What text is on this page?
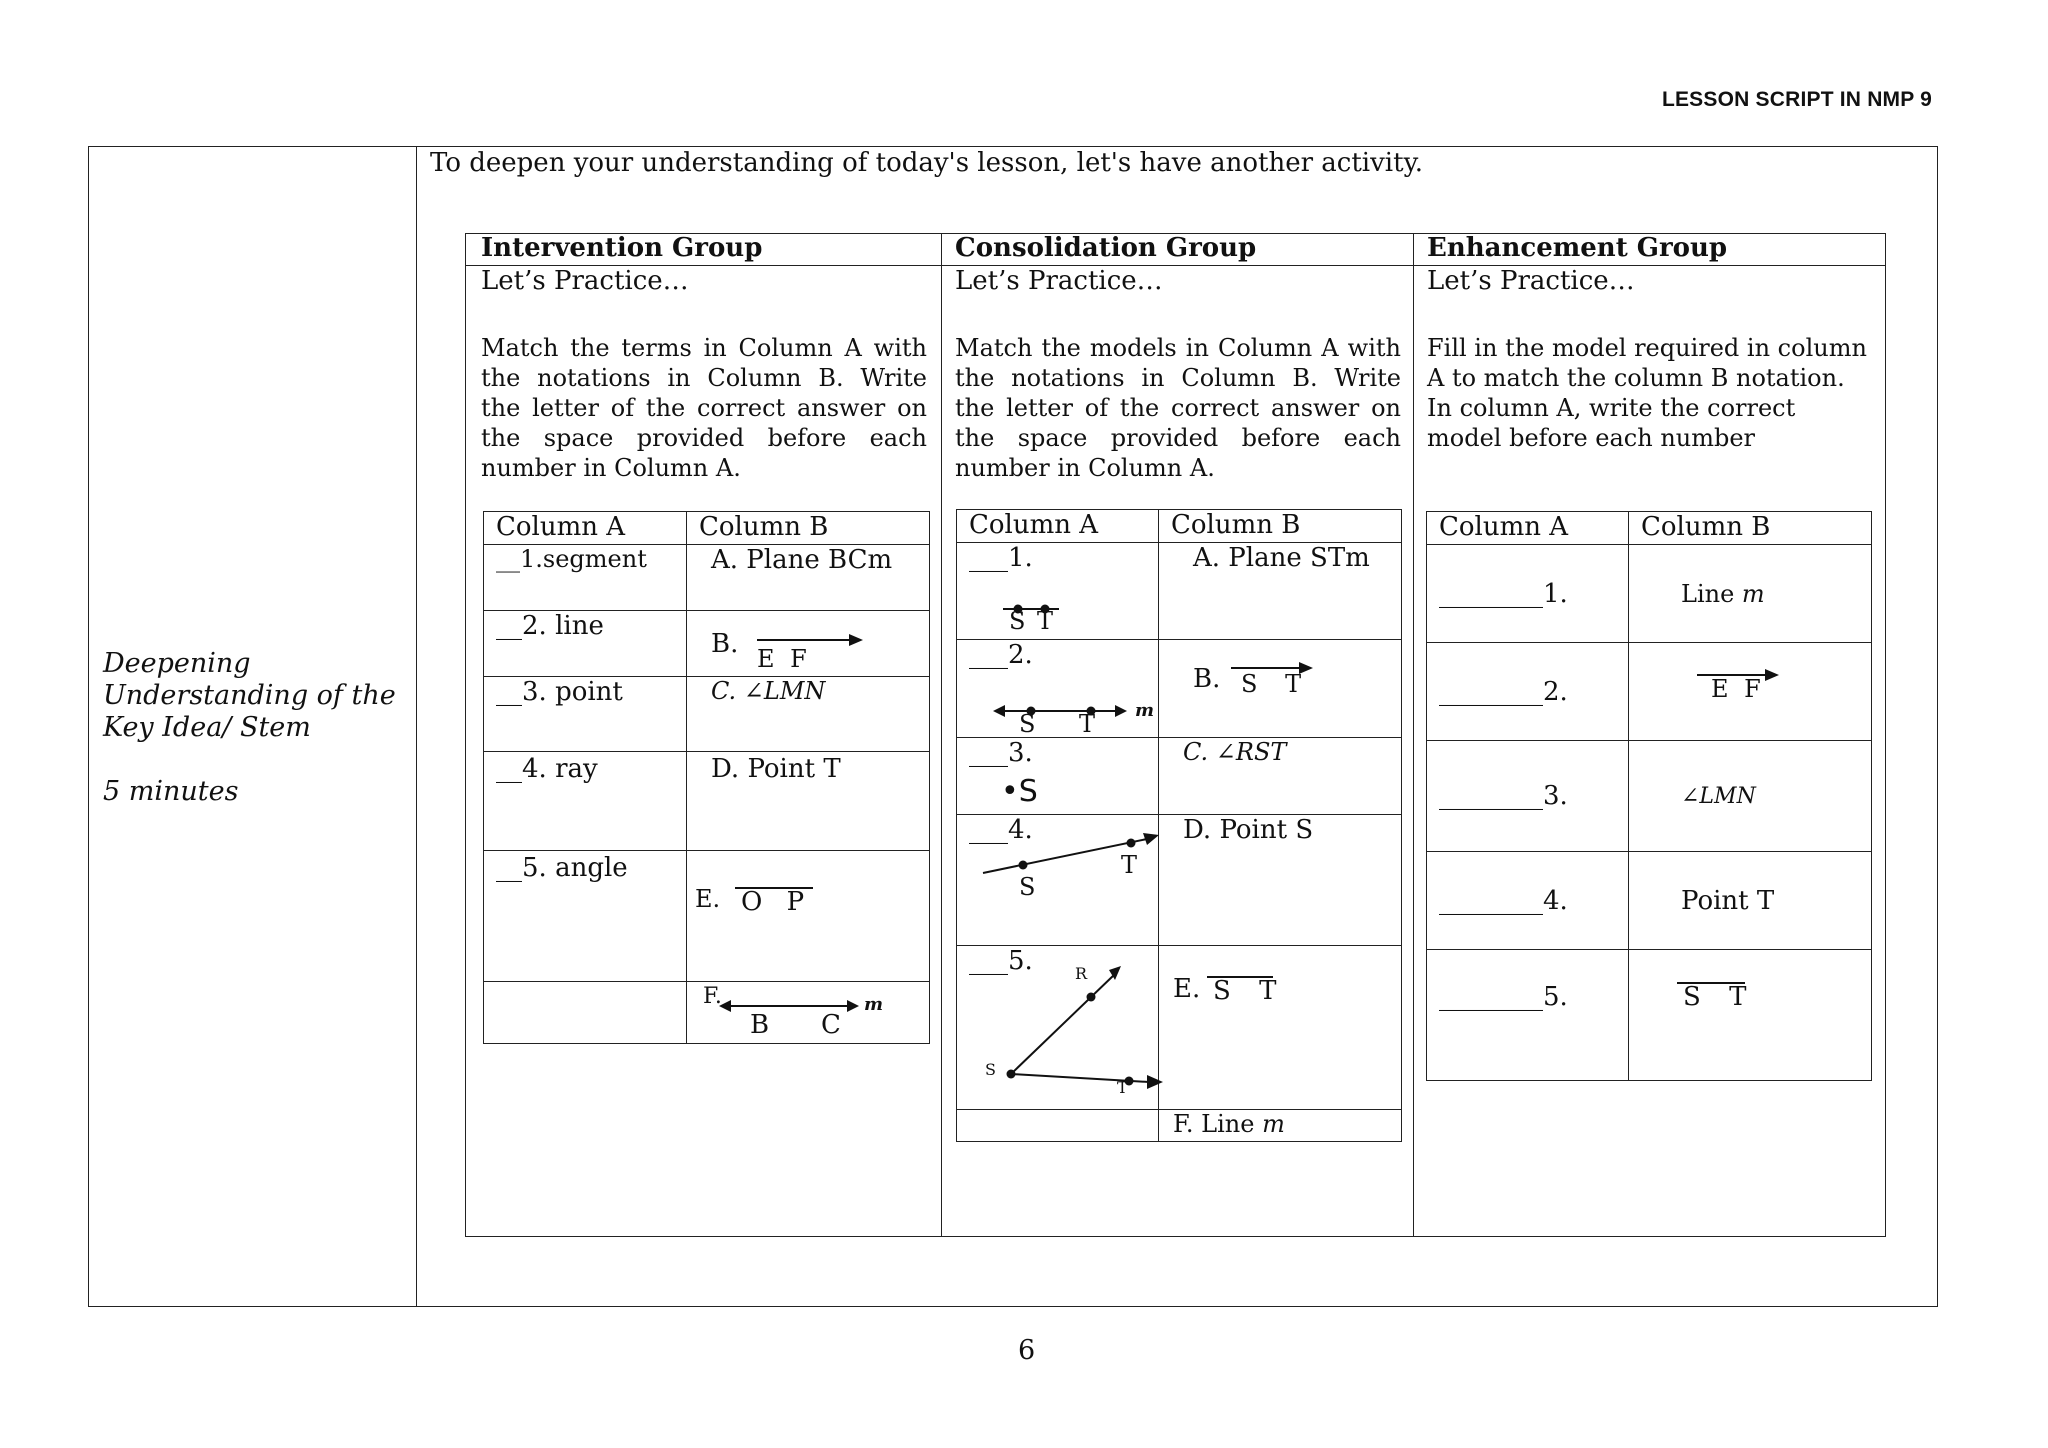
LESSON SCRIPT IN NMP 9
Deepening
Understanding of the
Key Idea/ Stem
5 minutes
To deepen your understanding of today's lesson, let's have another activity.
Intervention Group	Consolidation Group	Enhancement Group
Let’s Practice…	Let’s Practice…	Let’s Practice…
Match the terms in Column A with the notations in Column B. Write the letter of the correct answer on the space provided before each number in Column A.
Match the models in Column A with the notations in Column B. Write the letter of the correct answer on the space provided before each number in Column A.
Fill in the model required in column A to match the column B notation. In column A, write the correct model before each number
Column A	Column B
__1.segment	A. Plane BCm
__2. line	B. E F

__3. point	C. ∠LMN
__4. ray	D. Point T
__5. angle	E. O P

	F.
B C
m
Column A	Column B

___1.
S T	A. Plane STm

___2.
S T m	B. S T

___3.
•S	C. ∠RST

___4.
S
T	D. Point S

___5. R
S
T	E. S T

	F. Line m
Column A	Column B
________1.	Line m
________2.	E F

________3.	∠LMN
________4.	Point T
________5.	S T
6
